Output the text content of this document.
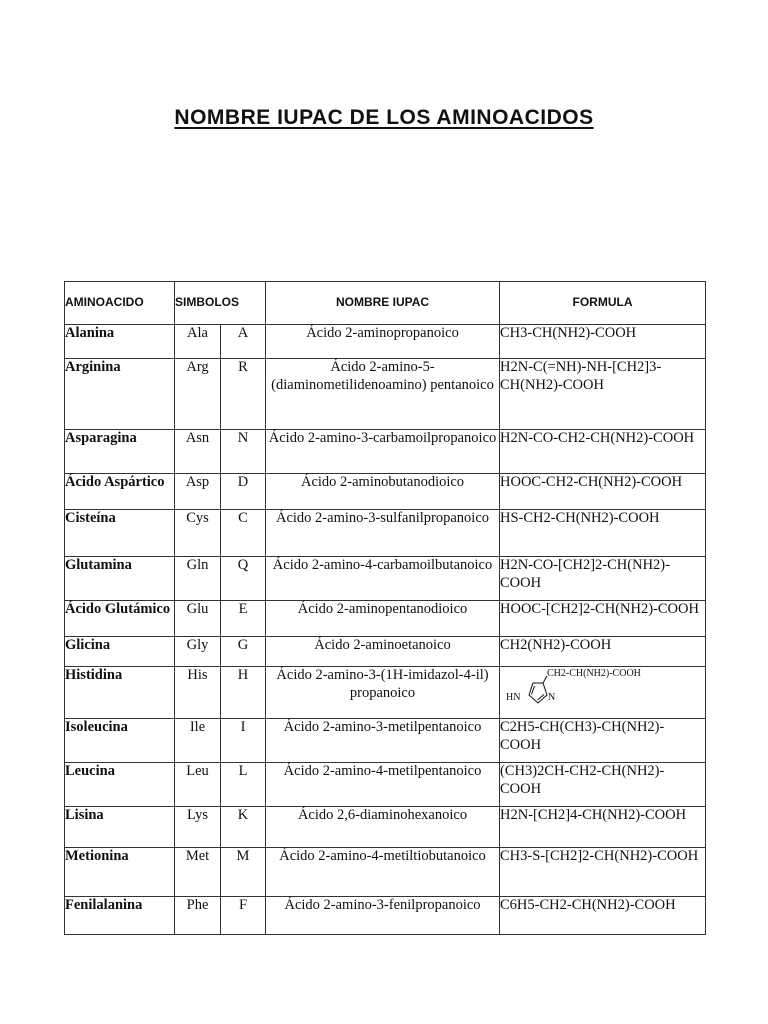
NOMBRE IUPAC DE LOS AMINOACIDOS
AMINOACIDO	SIMBOLOS		NOMBRE IUPAC	FORMULA
Alanina	Ala	A	Ácido 2-aminopropanoico	CH3-CH(NH2)-COOH
Arginina	Arg	R	Ácido 2-amino-5-(diaminometilidenoamino) pentanoico	H2N-C(=NH)-NH-[CH2]3-CH(NH2)-COOH
Asparagina	Asn	N	Ácido 2-amino-3-carbamoilpropanoico	H2N-CO-CH2-CH(NH2)-COOH
Ácido Aspártico	Asp	D	Ácido 2-aminobutanodioico	HOOC-CH2-CH(NH2)-COOH
Cisteína	Cys	C	Ácido 2-amino-3-sulfanilpropanoico	HS-CH2-CH(NH2)-COOH
Glutamina	Gln	Q	Ácido 2-amino-4-carbamoilbutanoico	H2N-CO-[CH2]2-CH(NH2)-COOH
Ácido Glutámico	Glu	E	Ácido 2-aminopentanodioico	HOOC-[CH2]2-CH(NH2)-COOH
Glicina	Gly	G	Ácido 2-aminoetanoico	CH2(NH2)-COOH
Histidina	His	H	Ácido 2-amino-3-(1H-imidazol-4-il) propanoico	CH2-CH(NH2)-COOH
HN N

Isoleucina	Ile	I	Ácido 2-amino-3-metilpentanoico	C2H5-CH(CH3)-CH(NH2)-COOH
Leucina	Leu	L	Ácido 2-amino-4-metilpentanoico	(CH3)2CH-CH2-CH(NH2)-COOH
Lisina	Lys	K	Ácido 2,6-diaminohexanoico	H2N-[CH2]4-CH(NH2)-COOH
Metionina	Met	M	Ácido 2-amino-4-metiltiobutanoico	CH3-S-[CH2]2-CH(NH2)-COOH
Fenilalanina	Phe	F	Ácido 2-amino-3-fenilpropanoico	C6H5-CH2-CH(NH2)-COOH
